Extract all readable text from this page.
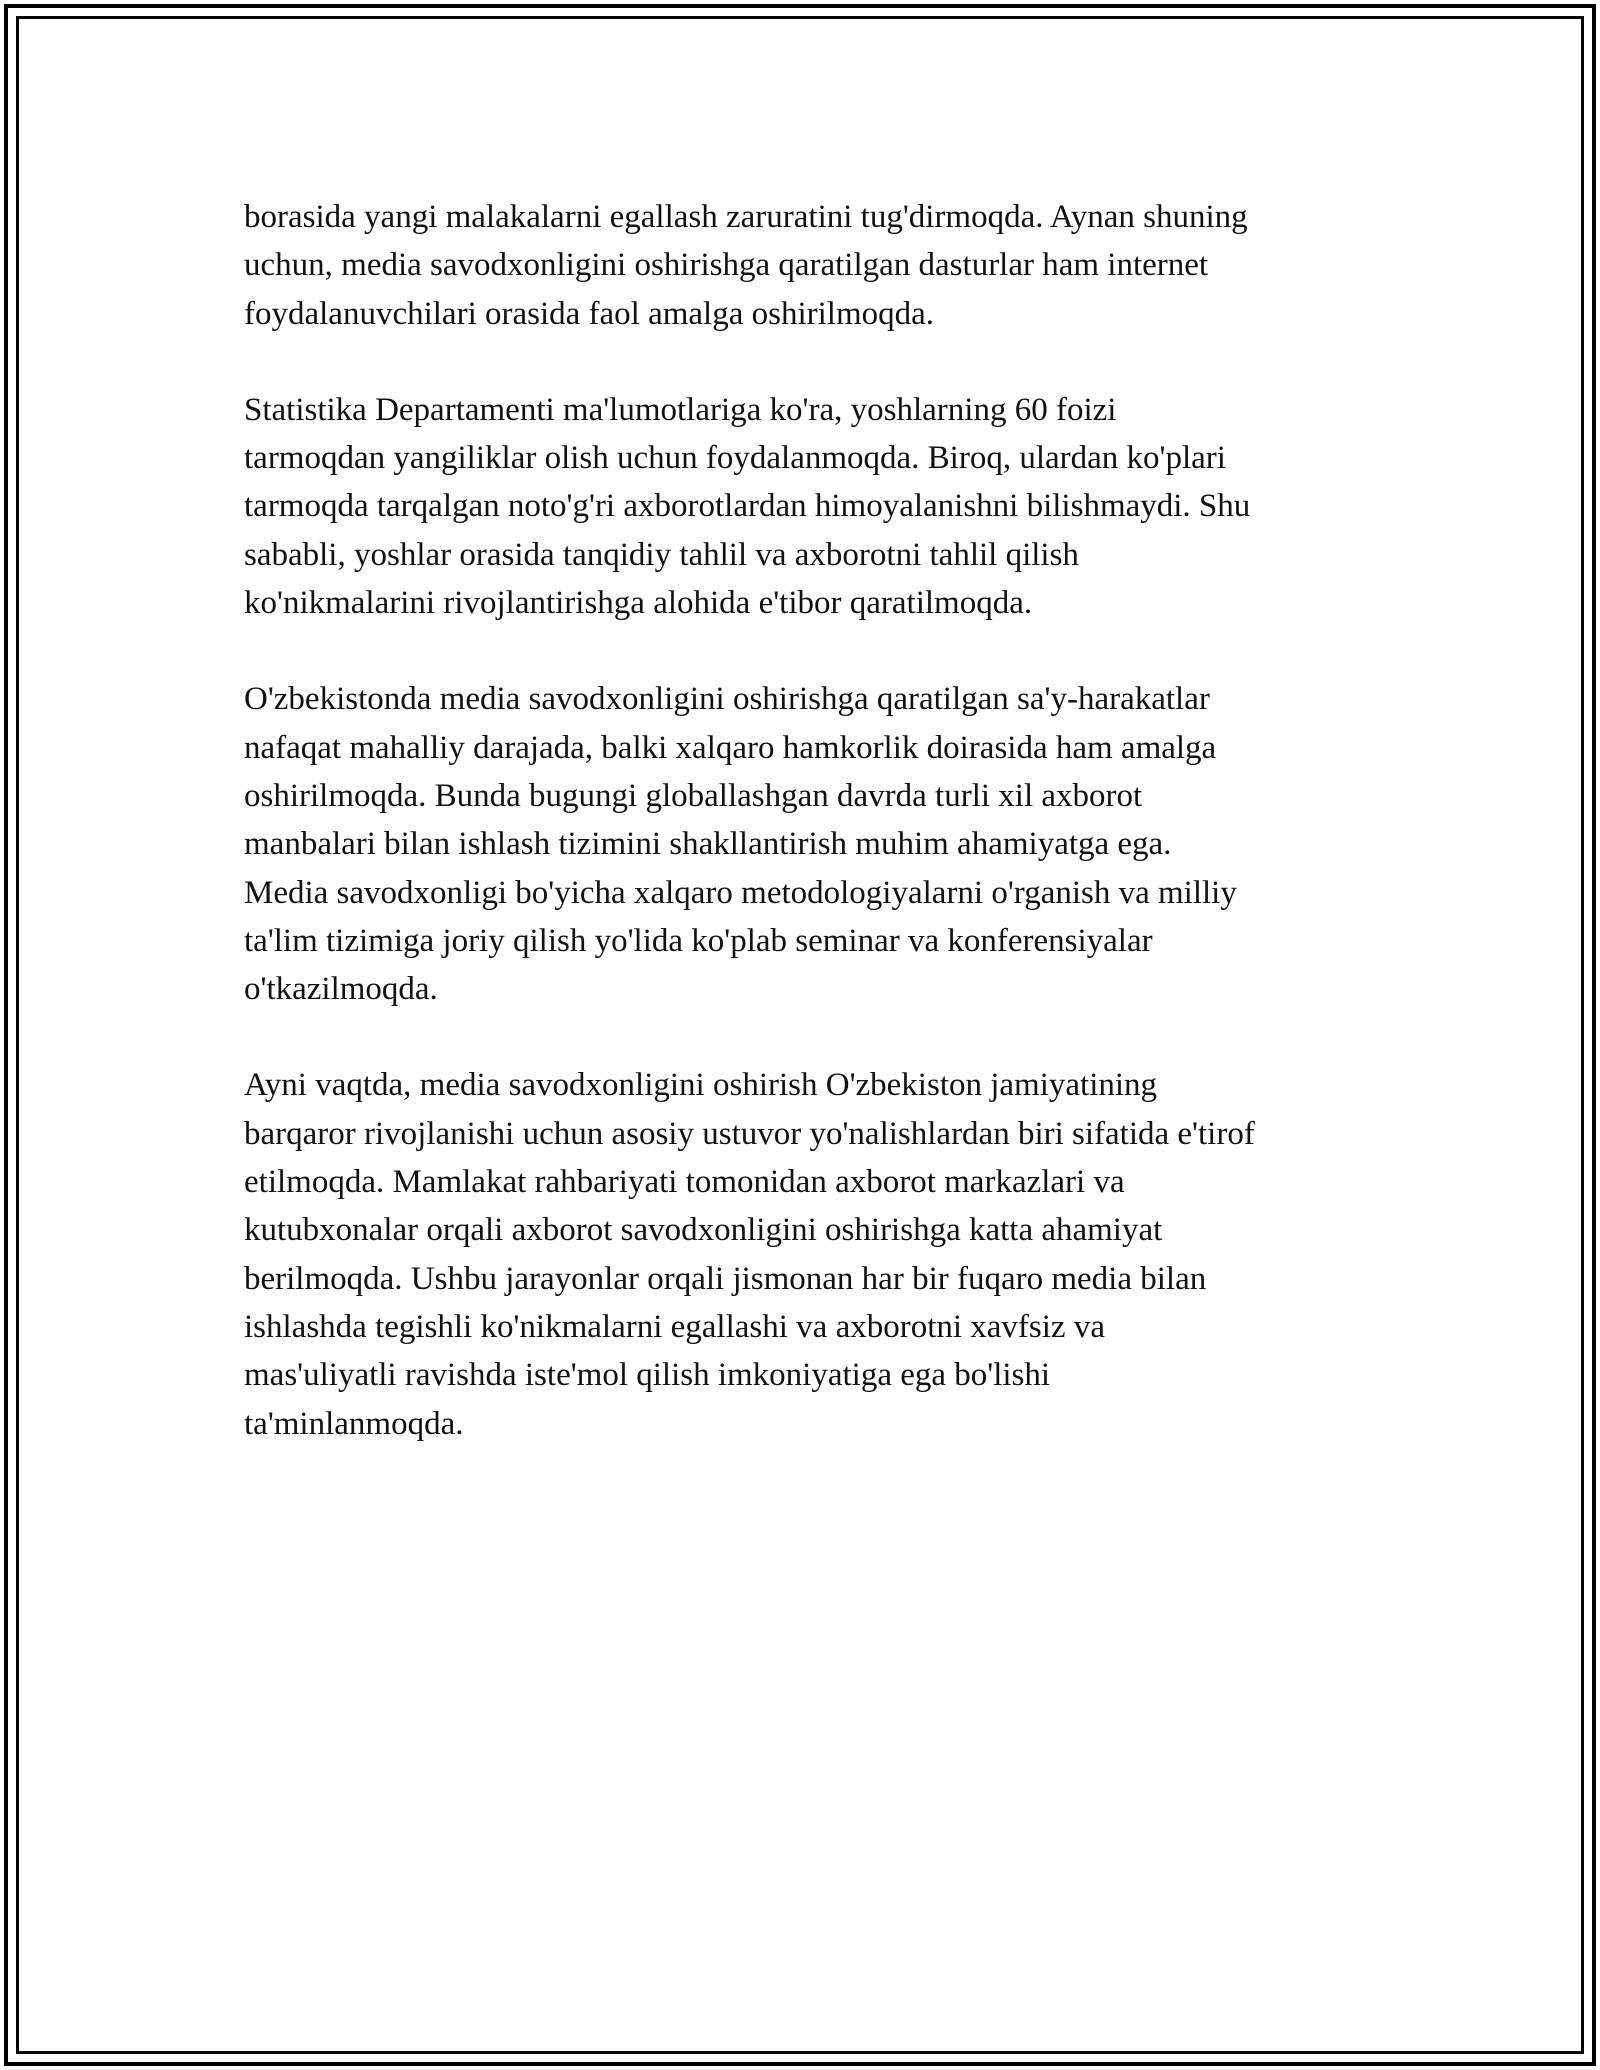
borasida yangi malakalarni egallash zaruratini tug'dirmoqda. Aynan shuning
uchun, media savodxonligini oshirishga qaratilgan dasturlar ham internet
foydalanuvchilari orasida faol amalga oshirilmoqda.

Statistika Departamenti ma'lumotlariga ko'ra, yoshlarning 60 foizi
tarmoqdan yangiliklar olish uchun foydalanmoqda. Biroq, ulardan ko'plari
tarmoqda tarqalgan noto'g'ri axborotlardan himoyalanishni bilishmaydi. Shu
sababli, yoshlar orasida tanqidiy tahlil va axborotni tahlil qilish
ko'nikmalarini rivojlantirishga alohida e'tibor qaratilmoqda.

O'zbekistonda media savodxonligini oshirishga qaratilgan sa'y-harakatlar
nafaqat mahalliy darajada, balki xalqaro hamkorlik doirasida ham amalga
oshirilmoqda. Bunda bugungi globallashgan davrda turli xil axborot
manbalari bilan ishlash tizimini shakllantirish muhim ahamiyatga ega.
Media savodxonligi bo'yicha xalqaro metodologiyalarni o'rganish va milliy
ta'lim tizimiga joriy qilish yo'lida ko'plab seminar va konferensiyalar
o'tkazilmoqda.

Ayni vaqtda, media savodxonligini oshirish O'zbekiston jamiyatining
barqaror rivojlanishi uchun asosiy ustuvor yo'nalishlardan biri sifatida e'tirof
etilmoqda. Mamlakat rahbariyati tomonidan axborot markazlari va
kutubxonalar orqali axborot savodxonligini oshirishga katta ahamiyat
berilmoqda. Ushbu jarayonlar orqali jismonan har bir fuqaro media bilan
ishlashda tegishli ko'nikmalarni egallashi va axborotni xavfsiz va
mas'uliyatli ravishda iste'mol qilish imkoniyatiga ega bo'lishi
ta'minlanmoqda.
